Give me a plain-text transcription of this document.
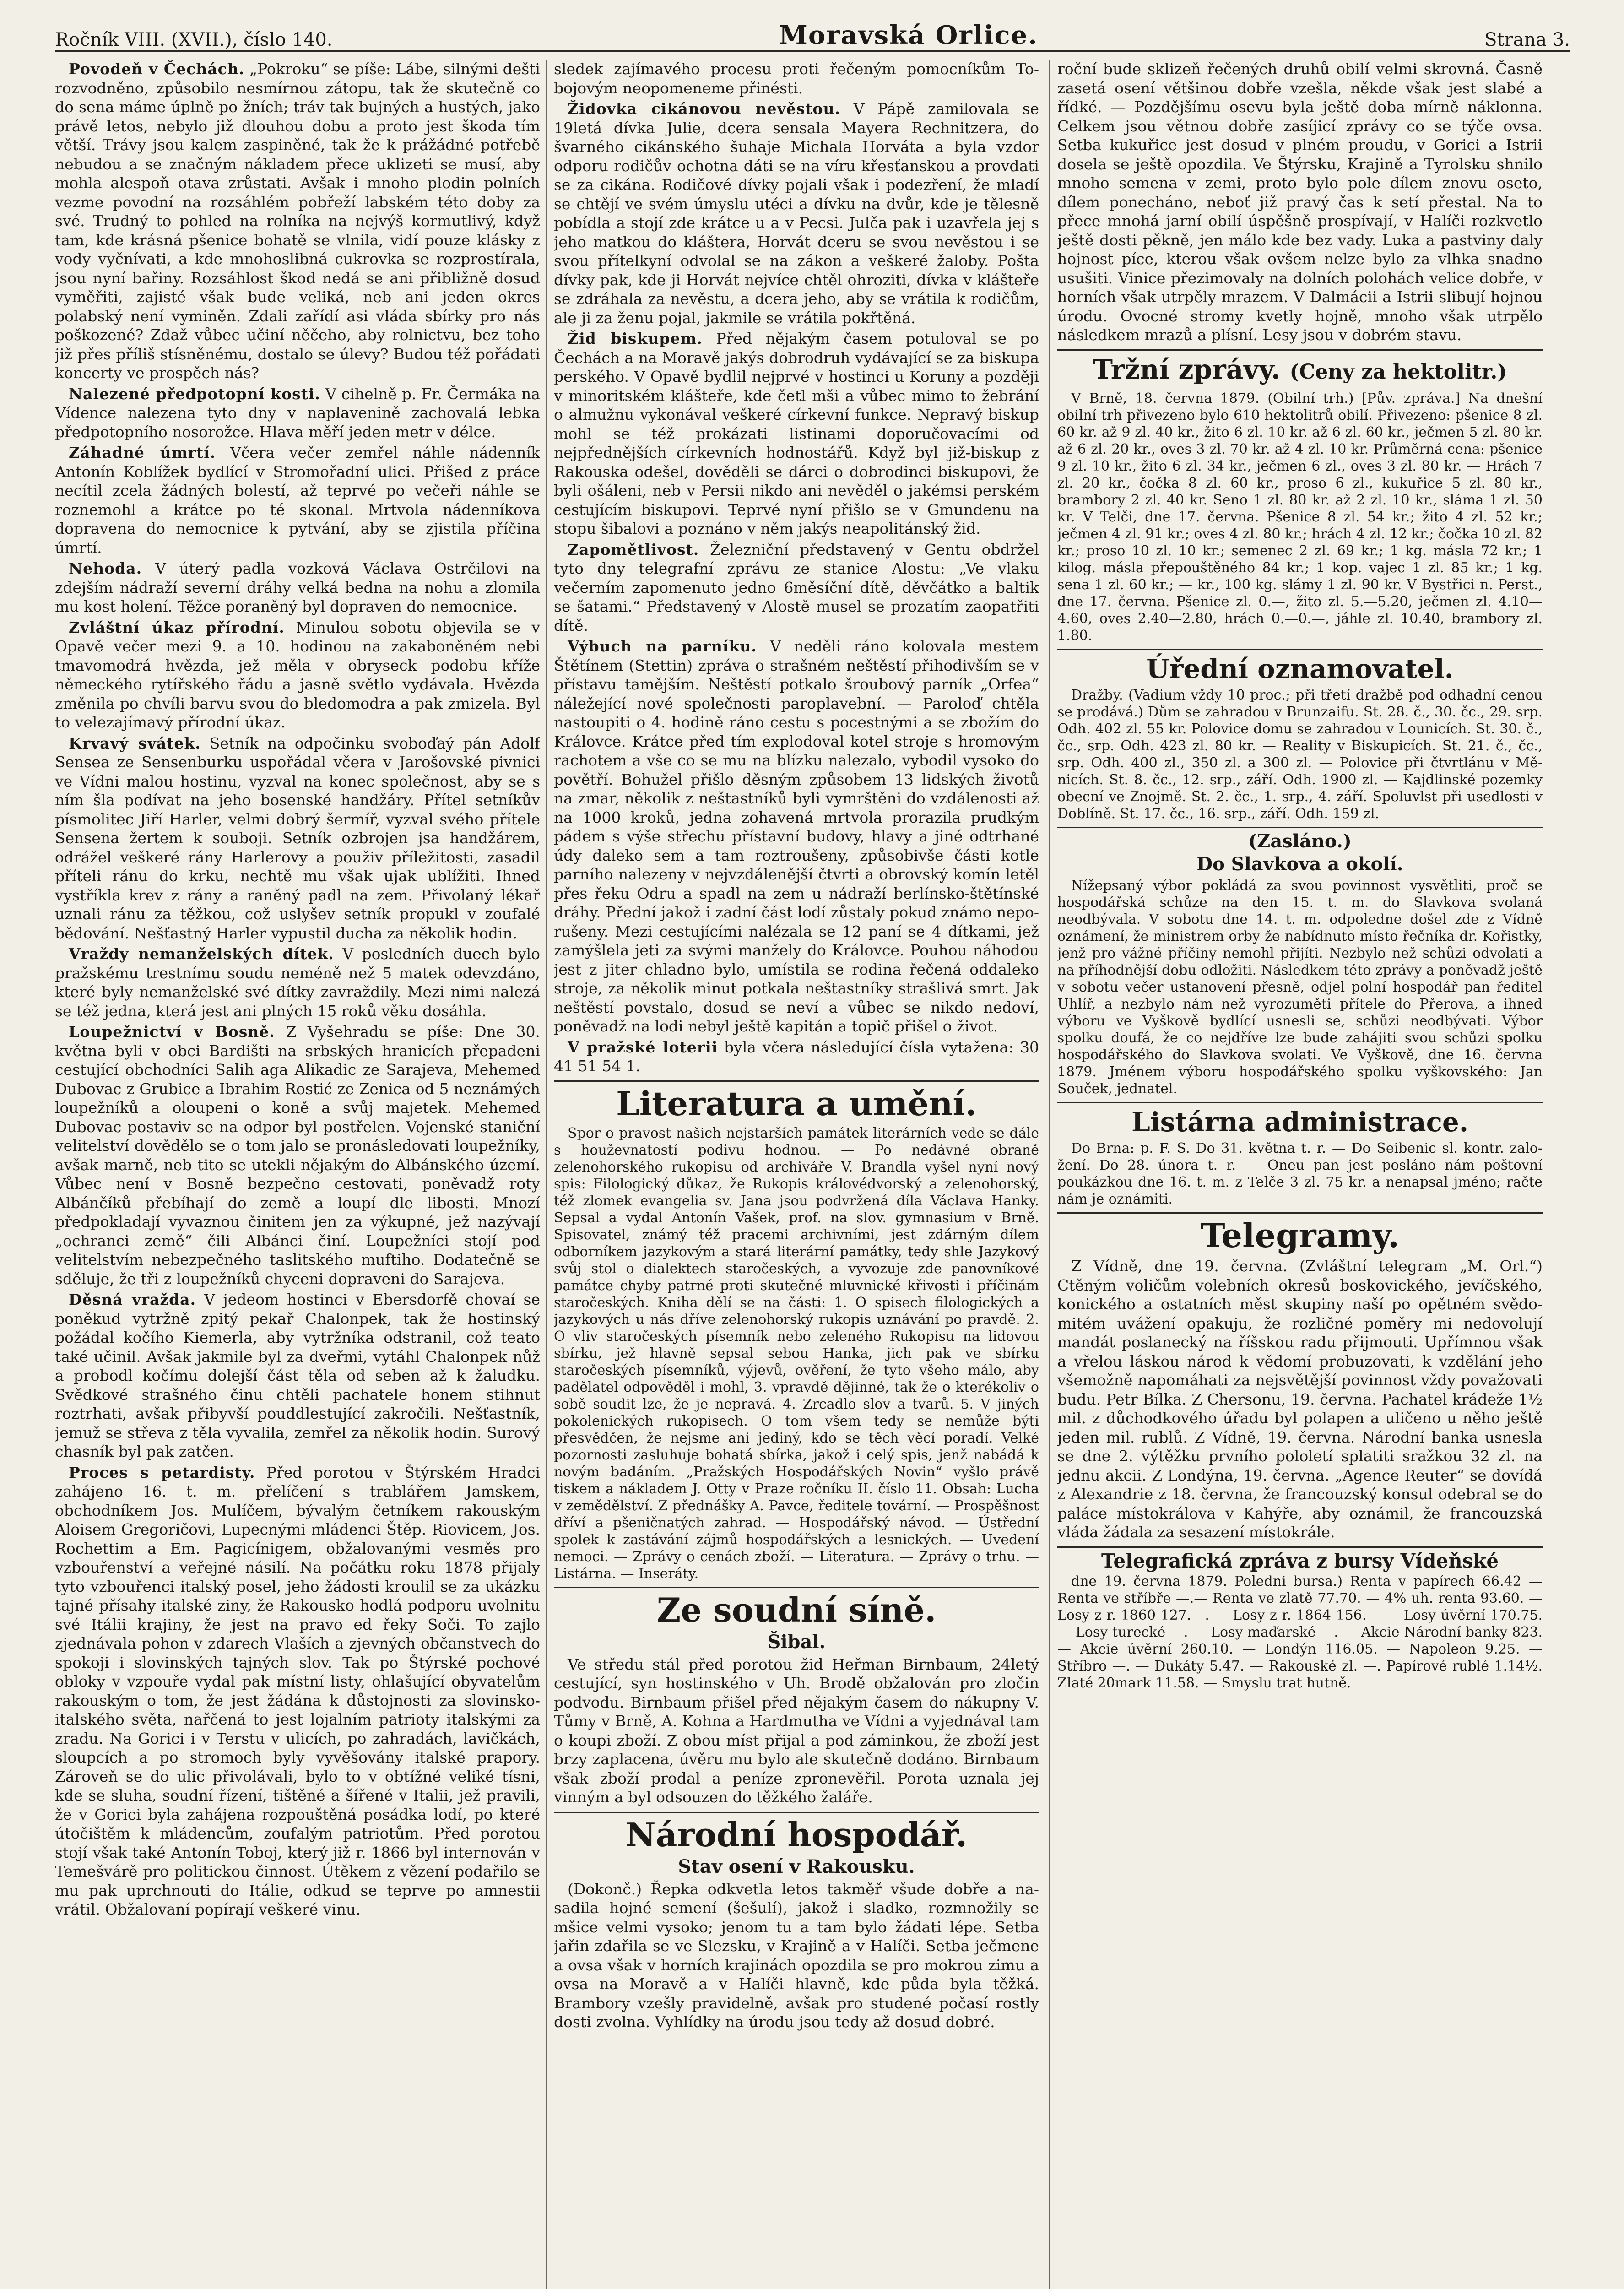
Ročník VIII. (XVII.), číslo 140.	Moravská Orlice.	Strana 3.

Povodeň v Čechách. „Pokroku“ se píše: Lábe, silnými dešti rozvodněno, způsobilo nesmírnou zátopu, tak že skutečně co do sena máme úplně po žních; tráv tak bujných a hustých, jako právě letos, nebylo již dlouhou dobu a proto jest škoda tím větší. Trávy jsou kalem zaspiněné, tak že k prážádné potřebě nebudou a se značným nákladem přece uklizeti se musí, aby mohla alespoň otava zrůstati. Avšak i mnoho plodin polních vezme povodní na rozsáhlém pobřeží labském této doby za své. Trudný to pohled na rolníka na nejvýš kormutlivý, když tam, kde krásná pšenice bohatě se vlnila, vidí pouze klásky z vody vyčnívati, a kde mnohoslibná cukrovka se rozprostírala, jsou nyní bařiny. Rozsáhlost škod nedá se ani přibližně dosud vyměřiti, zajisté však bude veliká, neb ani jeden okres polabský není vyminěn. Zdali zařídí asi vláda sbírky pro nás poškozené? Zdaž vůbec učiní něčeho, aby rolnictvu, bez toho již přes příliš stísněnému, dostalo se úlevy? Budou též pořádati koncerty ve prospěch nás?

Nalezené předpotopní kosti. V cihelně p. Fr. Čermáka na Vídence nalezena tyto dny v naplavenině zachovalá lebka předpotopního nosorožce. Hlava měří jeden metr v délce.

Záhadné úmrtí. Včera večer zemřel náhle nádenník Antonín Koblížek bydlící v Stromořadní ulici. Přišed z práce necítil zcela žádných bolestí, až teprvé po večeři náhle se roznemohl a krátce po té skonal. Mrtvola nádenníkova dopravena do nemocnice k pytvání, aby se zjistila příčina úmrtí.

Nehoda. V úterý padla vozková Václava Ostrčilovi na zdejším nádraží severní dráhy velká bedna na nohu a zlomila mu kost holení. Těžce poraněný byl dopraven do nemocnice.

Zvláštní úkaz přírodní. Minulou sobotu objevila se v Opavě večer mezi 9. a 10. hodinou na zakaboněném nebi tmavomodrá hvězda, jež měla v obryseck podobu kříže německého rytířského řádu a jasně světlo vydávala. Hvězda změnila po chvíli barvu svou do bledomodra a pak zmizela. Byl to velezajímavý přírodní úkaz.

Krvavý svátek. Setník na odpočinku svoboďaý pán Adolf Sensea ze Sensenburku uspořádal včera v Jarošovské pivnici ve Vídni malou hostinu, vyzval na konec společnost, aby se s ním šla podívat na jeho bosenské handžáry. Přítel setníkův písmolitec Jiří Harler, velmi dobrý šermíř, vyzval svého přítele Sensena žertem k souboji. Setník ozbrojen jsa handžárem, odrážel veškeré rány Harlerovy a použiv příležitosti, zasadil příteli ránu do krku, nechtě mu však ujak ublížiti. Ihned vystříkla krev z rány a raněný padl na zem. Přivolaný lékař uznali ránu za těžkou, což uslyšev setník propukl v zoufalé bědování. Nešťastný Harler vypustil ducha za několik hodin.

Vraždy nemanželských dítek. V posledních duech bylo pražskému trestnímu soudu neméně než 5 matek odevzdáno, které byly nemanželské své dítky zavraždily. Mezi nimi nalezá se též jedna, která jest ani plných 15 roků věku dosáhla.

Loupežnictví v Bosně. Z Vyšehradu se píše: Dne 30. května byli v obci Bardišti na srbských hranicích přepadeni cestující obchodníci Salih aga Alikadic ze Sarajeva, Mehemed Dubovac z Grubice a Ibrahim Rostić ze Zenica od 5 neznámých loupežníků a oloupeni o koně a svůj majetek. Mehemed Dubovac postaviv se na odpor byl postřelen. Vojenské staniční velitelství dovědělo se o tom jalo se pronásledovati loupežníky, avšak marně, neb tito se utekli nějakým do Albánského území. Vůbec není v Bosně bezpečno cestovati, poněvadž roty Albánčíků přebíhají do země a loupí dle libosti. Mnozí předpokladají vyvaznou činitem jen za výkupné, jež nazývají „ochranci země“ čili Albánci činí. Loupežníci stojí pod velitelstvím nebezpečného taslitského muftiho. Dodatečně se sděluje, že tři z loupežníků chyceni dopraveni do Sarajeva.

Děsná vražda. V jedeom hostinci v Ebersdorfě chovaí se poněkud vytržně zpitý pekař Chalonpek, tak že hostinský požádal kočího Kiemerla, aby vytržníka odstranil, což teato také učinil. Avšak jakmile byl za dveřmi, vytáhl Chalonpek nůž a probodl kočímu dolejší část těla od seben až k žaludku. Svědkové strašného činu chtěli pachatele honem stihnut roztrhati, avšak přibyvší pouddlestující zakročili. Nešťastník, jemuž se střeva z těla vyvalila, zemřel za několik hodin. Surový chasník byl pak zatčen.

Proces s petardisty. Před porotou v Štýrském Hradci zahájeno 16. t. m. přelíčení s trablářem Jamskem, obchodníkem Jos. Mulíčem, bývalým četníkem rakouským Aloisem Gregoričovi, Lupecnými mládenci Štěp. Riovicem, Jos. Rochettim a Em. Pagicínigem, obžalovanými vesměs pro vzbouřenství a veřejné násilí. Na počátku roku 1878 přijaly tyto vzbouřenci italský posel, jeho žádosti kroulil se za ukázku tajné přísahy italské ziny, že Rakousko hodlá podporu uvolnitu své Itálii krajiny, že jest na pravo ed řeky Soči. To zajlo zjednávala pohon v zdarech Vlaších a zjevných občanstvech do spokoji i slovinských tajných slov. Tak po Štýrské pochové obloky v vzpouře vydal pak místní listy, ohlašující obyvatelům rakouským o tom, že jest žádána k důstojnosti za slovinsko-italského světa, nařčená to jest lojalním patrioty italskými za zradu. Na Gorici i v Terstu v ulicích, po zahradách, lavičkách, sloupcích a po stromoch byly vyvěšovány italské prapory. Zároveň se do ulic přivolávali, bylo to v obtížné veliké tísni, kde se sluha, soudní řízení, tištěné a šířené v Italii, jež pravili, že v Gorici byla zahájena rozpouštěná posádka lodí, po které útočištěm k mládencům, zoufalým patriotům. Před porotou stojí však také Antonín Toboj, který již r. 1866 byl internován v Temešvárě pro politickou činnost. Útěkem z vězení podařilo se mu pak uprchnouti do Itálie, odkud se teprve po amnestii vrátil. Obžalovaní popírají veškeré vinu.

sledek zajímavého procesu proti řečeným pomocníkům Tobojovým neopomeneme přinésti.

Židovka cikánovou nevěstou. V Pápě zamilovala se 19letá dívka Julie, dcera sensala Mayera Rechnitzera, do švarného cikánského šuhaje Michala Horváta a byla vzdor odporu rodičův ochotna dáti se na víru křesťanskou a provdati se za cikána. Rodičové dívky pojali však i podezření, že mladí se chtějí ve svém úmyslu utéci a dívku na dvůr, kde je tělesně pobídla a stojí zde krátce u a v Pecsi. Julča pak i uzavřela jej s jeho matkou do kláštera, Horvát dceru se svou nevěstou i se svou přítelkyní odvolal se na zákon a veškeré žaloby. Pošta dívky pak, kde ji Horvát nejvíce chtěl ohroziti, dívka v klášteře se zdráhala za nevěstu, a dcera jeho, aby se vrátila k rodičům, ale ji za ženu pojal, jakmile se vrátila pokřtěná.

Žid biskupem. Před nějakým časem potuloval se po Čechách a na Moravě jakýs dobrodruh vydávající se za biskupa perského. V Opavě bydlil nejprvé v hostinci u Koruny a později v minoritském klášteře, kde četl mši a vůbec mimo to žebrání o almužnu vykonával veškeré církevní funkce. Nepravý biskup mohl se též prokázati listinami doporučovacími od nejpřednějších církevních hodnostářů. Když byl již-biskup z Rakouska odešel, dověděli se dárci o dobrodinci biskupovi, že byli ošáleni, neb v Persii nikdo ani nevěděl o jakémsi perském cestujícím biskupovi. Teprvé nyní přišlo se v Gmundenu na stopu šibalovi a poznáno v něm jakýs neapolitánský žid.

Zapomětlivost. Železniční představený v Gentu obdržel tyto dny telegrafní zprávu ze stanice Alostu: „Ve vlaku večerním zapomenuto jedno 6měsíční dítě, děvčátko a baltik se šatami.“ Představený v Alostě musel se prozatím zaopatřiti dítě.

Výbuch na parníku. V neděli ráno kolovala mestem Štětínem (Stettin) zpráva o strašném neštěstí přihodivším se v přístavu tamějším. Neštěstí potkalo šroubový parník „Orfea“ náležející nové společnosti paroplavební. — Paroloď chtěla nastoupiti o 4. hodině ráno cestu s pocestnými a se zbožím do Královce. Krátce před tím explodoval kotel stroje s hromovým rachotem a vše co se mu na blízku nalezalo, vybodil vysoko do povětří. Bohužel přišlo děsným způsobem 13 lidských životů na zmar, několik z neštastníků byli vymrštěni do vzdálenosti až na 1000 kroků, jedna zohavená mrtvola prorazila prudkým pádem s výše střechu přístavní budovy, hlavy a jiné odtrhané údy daleko sem a tam roztroušeny, způsobivše části kotle parního nalezeny v nejvzdálenější čtvrti a obrovský komín letěl přes řeku Odru a spadl na zem u nádraží berlínsko-štětínské dráhy. Přední jakož i zadní část lodí zůstaly pokud známo neporušeny. Mezi cestujícími nalézala se 12 paní se 4 dítkami, jež zamýšlela jeti za svými manžely do Královce. Pouhou náhodou jest z jiter chladno bylo, umístila se rodina řečená oddaleko stroje, za několik minut potkala neštastníky strašlivá smrt. Jak neštěstí povstalo, dosud se neví a vůbec se nikdo nedoví, poněvadž na lodi nebyl ještě kapitán a topič přišel o život.

V pražské loterii byla včera následující čísla vytažena: 30 41 51 54 1.

Literatura a umění.

Spor o pravost našich nejstarších památek literárních vede se dále s houževnatostí podivu hodnou. — Po nedávné obraně zelenohorského rukopisu od archiváře V. Brandla vyšel nyní nový spis: Filologický důkaz, že Rukopis královédvorský a zelenohorský, též zlomek evangelia sv. Jana jsou podvržená díla Václava Hanky. Sepsal a vydal Antonín Vašek, prof. na slov. gymnasium v Brně. Spisovatel, známý též pracemi archivními, jest zdárným dílem odborníkem jazykovým a stará literární památky, tedy shle Jazykový svůj stol o dialektech staročeských, a vyvozuje zde panovníkové památce chyby patrné proti skutečné mluvnické křivosti i příčinám staročeských. Kniha dělí se na části: 1. O spisech filologických a jazykových u nás dříve zelenohorský rukopis uznávání po pravdě. 2. O vliv staročeských písemník nebo zeleného Rukopisu na lidovou sbírku, jež hlavně sepsal sebou Hanka, jich pak ve sbírku staročeských písemníků, výjevů, ověření, že tyto všeho málo, aby padělatel odpověděl i mohl, 3. vpravdě dějinné, tak že o kterékoliv o sobě soudit lze, že je nepravá. 4. Zrcadlo slov a tvarů. 5. V jiných pokolenických rukopisech. O tom všem tedy se nemůže býti přesvědčen, že nejsme ani jediný, kdo se těch věcí poradí. Velké pozornosti zasluhuje bohatá sbírka, jakož i celý spis, jenž nabádá k novým badáním. „Pražských Hospodářských Novin“ vyšlo právě tiskem a nákladem J. Otty v Praze ročníku II. číslo 11. Obsah: Lucha v zemědělství. Z přednášky A. Pavce, ředitele tovární. — Prospěšnost dříví a pšeničnatých zahrad. — Hospodářský návod. — Ústřední spolek k zastávání zájmů hospodářských a lesnických. — Uvedení nemoci. — Zprávy o cenách zboží. — Literatura. — Zprávy o trhu. — Listárna. — Inseráty.

Ze soudní síně.
Šibal.

Ve středu stál před porotou žid Heřman Birnbaum, 24letý cestující, syn hostinského v Uh. Brodě obžalován pro zločin podvodu. Birnbaum přišel před nějakým časem do nákupny V. Tůmy v Brně, A. Kohna a Hardmutha ve Vídni a vyjednával tam o koupi zboží. Z obou míst přijal a pod záminkou, že zboží jest brzy zaplacena, úvěru mu bylo ale skutečně dodáno. Birnbaum však zboží prodal a peníze zpronevěřil. Porota uznala jej vinným a byl odsouzen do těžkého žaláře.

Národní hospodář.
Stav osení v Rakousku.

(Dokonč.) Řepka odkvetla letos takměř všude dobře a nasadila hojné semení (šešulí), jakož i sladko, rozmnožily se mšice velmi vysoko; jenom tu a tam bylo žádati lépe. Setba jařin zdařila se ve Slezsku, v Krajině a v Halíči. Setba ječmene a ovsa však v horních krajinách opozdila se pro mokrou zimu a ovsa na Moravě a v Halíči hlavně, kde půda byla těžká. Brambory vzešly pravidelně, avšak pro studené počasí rostly dosti zvolna. Vyhlídky na úrodu jsou tedy až dosud dobré.

roční bude sklizeň řečených druhů obilí velmi skrovná. Časně zasetá osení většinou dobře vzešla, někde však jest slabé a řídké. — Pozdějšímu osevu byla ještě doba mírně náklonna. Celkem jsou větnou dobře zasíjicí zprávy co se týče ovsa. Setba kukuřice jest dosud v plném proudu, v Gorici a Istrii dosela se ještě opozdila. Ve Štýrsku, Krajině a Tyrolsku shnilo mnoho semena v zemi, proto bylo pole dílem znovu oseto, dílem ponecháno, neboť již pravý čas k setí přestal. Na to přece mnohá jarní obilí úspěšně prospívají, v Halíči rozkvetlo ještě dosti pěkně, jen málo kde bez vady. Luka a pastviny daly hojnost píce, kterou však ovšem nelze bylo za vlhka snadno usušiti. Vinice přezimovaly na dolních polohách velice dobře, v horních však utrpěly mrazem. V Dalmácii a Istrii slibují hojnou úrodu. Ovocné stromy kvetly hojně, mnoho však utrpělo následkem mrazů a plísní. Lesy jsou v dobrém stavu.

Tržní zprávy. (Ceny za hektolitr.)

V Brně, 18. června 1879. (Obilní trh.) [Pův. zpráva.] Na dnešní obilní trh přivezeno bylo 610 hektolitrů obilí. Přivezeno: pšenice 8 zl. 60 kr. až 9 zl. 40 kr., žito 6 zl. 10 kr. až 6 zl. 60 kr., ječmen 5 zl. 80 kr. až 6 zl. 20 kr., oves 3 zl. 70 kr. až 4 zl. 10 kr. Průměrná cena: pšenice 9 zl. 10 kr., žito 6 zl. 34 kr., ječmen 6 zl., oves 3 zl. 80 kr. — Hrách 7 zl. 20 kr., čočka 8 zl. 60 kr., proso 6 zl., kukuřice 5 zl. 80 kr., brambory 2 zl. 40 kr. Seno 1 zl. 80 kr. až 2 zl. 10 kr., sláma 1 zl. 50 kr. V Telči, dne 17. června. Pšenice 8 zl. 54 kr.; žito 4 zl. 52 kr.; ječmen 4 zl. 91 kr.; oves 4 zl. 80 kr.; hrách 4 zl. 12 kr.; čočka 10 zl. 82 kr.; proso 10 zl. 10 kr.; semenec 2 zl. 69 kr.; 1 kg. másla 72 kr.; 1 kilog. másla přepouštěného 84 kr.; 1 kop. vajec 1 zl. 85 kr.; 1 kg. sena 1 zl. 60 kr.; — kr., 100 kg. slámy 1 zl. 90 kr. V Bystřici n. Perst., dne 17. června. Pšenice zl. 0.—, žito zl. 5.—5.20, ječmen zl. 4.10—4.60, oves 2.40—2.80, hrách 0.—0.—, jáhle zl. 10.40, brambory zl. 1.80.

Úřední oznamovatel.

Dražby. (Vadium vždy 10 proc.; při třetí dražbě pod odhadní cenou se prodává.) Dům se zahradou v Brunzaifu. St. 28. č., 30. čc., 29. srp. Odh. 402 zl. 55 kr. Polovice domu se zahradou v Lounicích. St. 30. č., čc., srp. Odh. 423 zl. 80 kr. — Reality v Biskupicích. St. 21. č., čc., srp. Odh. 400 zl., 350 zl. a 300 zl. — Polovice při čtvrtlánu v Měnicích. St. 8. čc., 12. srp., září. Odh. 1900 zl. — Kajdlinské pozemky obecní ve Znojmě. St. 2. čc., 1. srp., 4. září. Spoluvlst při usedlosti v Doblíně. St. 17. čc., 16. srp., září. Odh. 159 zl.

(Zasláno.)
Do Slavkova a okolí.

Nížepsaný výbor pokládá za svou povinnost vysvětliti, proč se hospodářská schůze na den 15. t. m. do Slavkova svolaná neodbývala. V sobotu dne 14. t. m. odpoledne došel zde z Vídně oznámení, že ministrem orby že nabídnuto místo řečníka dr. Kořistky, jenž pro vážné příčiny nemohl přijíti. Nezbylo než schůzi odvolati a na příhodnější dobu odložiti. Následkem této zprávy a poněvadž ještě v sobotu večer ustanovení přesně, odjel polní hospodář pan ředitel Uhlíř, a nezbylo nám než vyrozuměti přítele do Přerova, a ihned výboru ve Vyškově bydlící usnesli se, schůzi neodbývati. Výbor spolku doufá, že co nejdříve lze bude zahájiti svou schůzi spolku hospodářského do Slavkova svolati. Ve Vyškově, dne 16. června 1879. Jménem výboru hospodářského spolku vyškovského: Jan Souček, jednatel.

Listárna administrace.

Do Brna: p. F. S. Do 31. května t. r. — Do Seibenic sl. kontr. založení. Do 28. února t. r. — Oneu pan jest posláno nám poštovní poukázkou dne 16. t. m. z Telče 3 zl. 75 kr. a nenapsal jméno; račte nám je oznámiti.

Telegramy.

Z Vídně, dne 19. června. (Zvláštní telegram „M. Orl.“) Ctěným voličům volebních okresů boskovického, jevíčského, konického a ostatních měst skupiny naší po opětném svědomitém uvážení opakuju, že rozličné poměry mi nedovolují mandát poslanecký na říšskou radu přijmouti. Upřímnou však a vřelou láskou národ k vědomí probuzovati, k vzdělání jeho všemožně napomáhati za nejsvětější povinnost vždy považovati budu. Petr Bílka. Z Chersonu, 19. června. Pachatel krádeže 1½ mil. z důchodkového úřadu byl polapen a uličeno u něho ještě jeden mil. rublů. Z Vídně, 19. června. Národní banka usnesla se dne 2. výtěžku prvního pololetí splatiti sražkou 32 zl. na jednu akcii. Z Londýna, 19. června. „Agence Reuter“ se dovídá z Alexandrie z 18. června, že francouzský konsul odebral se do paláce místokrálova v Kahýře, aby oznámil, že francouzská vláda žádala za sesazení místokrále.

Telegrafická zpráva z bursy Vídeňské

dne 19. června 1879. Poledni bursa.) Renta v papírech 66.42 — Renta ve stříbře —.— Renta ve zlatě 77.70. — 4% uh. renta 93.60. — Losy z r. 1860 127.—. — Losy z r. 1864 156.— — Losy úvěrní 170.75. — Losy turecké —. — Losy maďarské —. — Akcie Národní banky 823. — Akcie úvěrní 260.10. — Londýn 116.05. — Napoleon 9.25. — Stříbro —. — Dukáty 5.47. — Rakouské zl. —. Papírové rublé 1.14½. Zlaté 20mark 11.58. — Smyslu trat hutně.
